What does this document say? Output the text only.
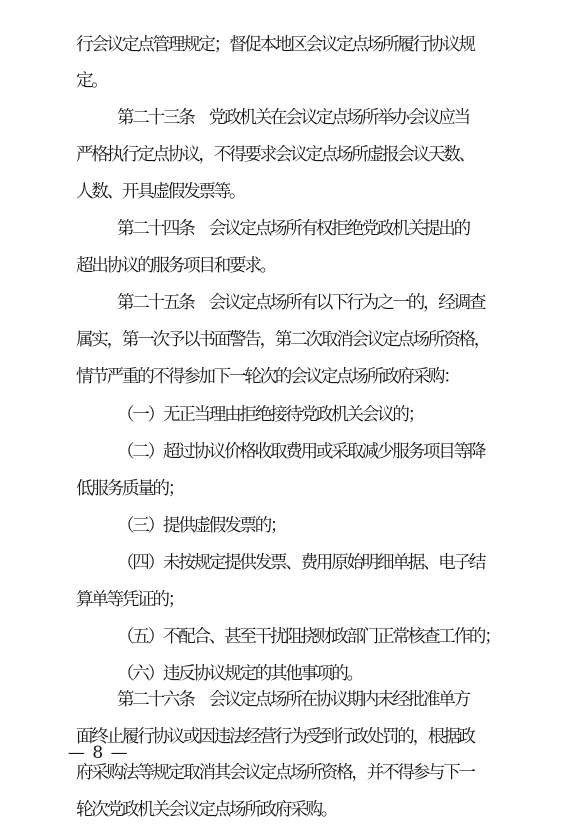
行会议定点管理规定；督促本地区会议定点场所履行协议规
定。
第二十三条　党政机关在会议定点场所举办会议应当
严格执行定点协议，不得要求会议定点场所虚报会议天数、
人数、开具虚假发票等。
第二十四条　会议定点场所有权拒绝党政机关提出的
超出协议的服务项目和要求。
第二十五条　会议定点场所有以下行为之一的，经调查
属实，第一次予以书面警告，第二次取消会议定点场所资格，
情节严重的不得参加下一轮次的会议定点场所政府采购：
（一）无正当理由拒绝接待党政机关会议的；
（二）超过协议价格收取费用或采取减少服务项目等降
低服务质量的；
（三）提供虚假发票的；
（四）未按规定提供发票、费用原始明细单据、电子结
算单等凭证的；
（五）不配合、甚至干扰阻挠财政部门正常核查工作的；
（六）违反协议规定的其他事项的。
第二十六条　会议定点场所在协议期内未经批准单方
面终止履行协议或因违法经营行为受到行政处罚的，根据政
府采购法等规定取消其会议定点场所资格，并不得参与下一
轮次党政机关会议定点场所政府采购。
— 8 —
